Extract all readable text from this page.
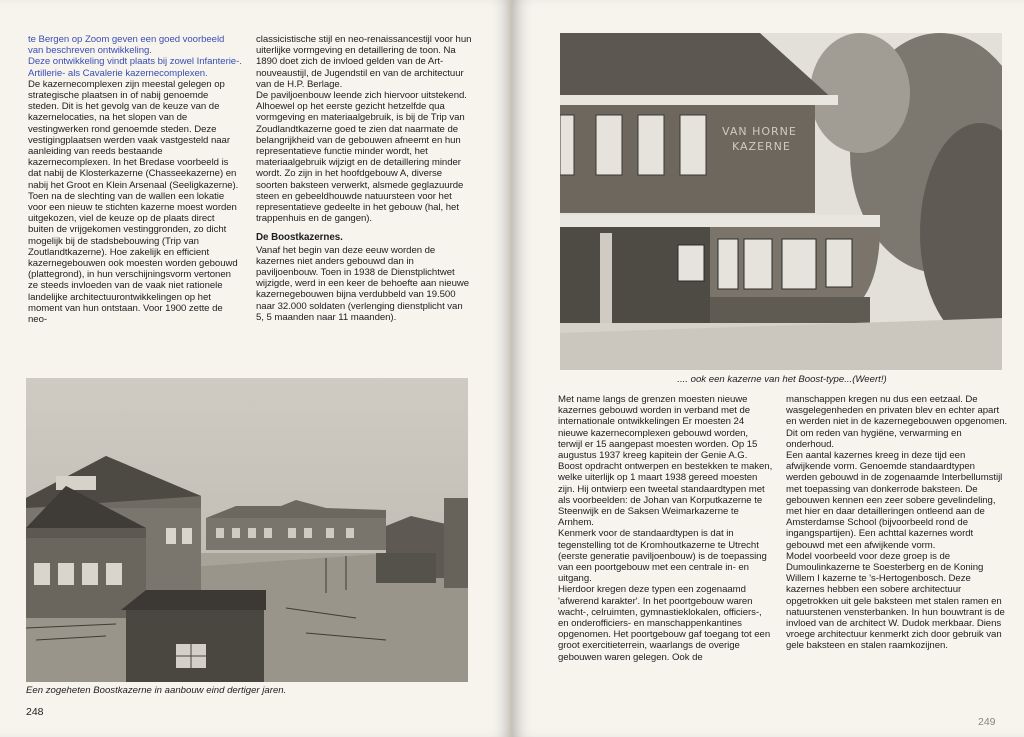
te Bergen op Zoom geven een goed voorbeeld van beschreven ontwikkeling.

Deze ontwikkeling vindt plaats bij zowel Infanterie-. Artillerie- als Cavalerie kazernecomplexen.

De kazernecomplexen zijn meestal gelegen op strategische plaatsen in of nabij genoemde steden. Dit is het gevolg van de keuze van de kazernelocaties, na het slopen van de vestingwerken rond genoemde steden. Deze vestigingplaatsen werden vaak vastgesteld naar aanleiding van reeds bestaande kazernecomplexen. In het Bredase voorbeeld is dat nabij de Klosterkazerne (Chasseekazerne) en nabij het Groot en Klein Arsenaal (Seeligkazerne). Toen na de slechting van de wallen een lokatie voor een nieuw te stichten kazerne moest worden uitgekozen, viel de keuze op de plaats direct buiten de vrijgekomen vestinggronden, zo dicht mogelijk bij de stadsbebouwing (Trip van Zoutlandtkazerne). Hoe zakelijk en efficient kazernegebouwen ook moesten worden gebouwd (plattegrond), in hun verschijningsvorm vertonen ze steeds invloeden van de vaak niet rationele landelijke architectuurontwikkelingen op het moment van hun ontstaan. Voor 1900 zette de neo-

classicistische stijl en neo-renaissancestijl voor hun uiterlijke vormgeving en detaillering de toon. Na 1890 doet zich de invloed gelden van de Art-nouveaustijl, de Jugendstil en van de architectuur van de H.P. Berlage.

De paviljoenbouw leende zich hiervoor uitstekend. Alhoewel op het eerste gezicht hetzelfde qua vormgeving en materiaalgebruik, is bij de Trip van Zoudlandtkazerne goed te zien dat naarmate de belangrijkheid van de gebouwen afneemt en hun representatieve functie minder wordt, het materiaalgebruik wijzigt en de detaillering minder wordt. Zo zijn in het hoofdgebouw A, diverse soorten baksteen verwerkt, alsmede geglazuurde steen en gebeeldhouwde natuursteen voor het representatieve gedeelte in het gebouw (hal, het trappenhuis en de gangen).

De Boostkazernes.

Vanaf het begin van deze eeuw worden de kazernes niet anders gebouwd dan in paviljoenbouw. Toen in 1938 de Dienstplichtwet wijzigde, werd in een keer de behoefte aan nieuwe kazernegebouwen bijna verdubbeld van 19.500 naar 32.000 soldaten (verlenging dienstplicht van 5, 5 maanden naar 11 maanden).

Een zogeheten Boostkazerne in aanbouw eind dertiger jaren.
248
VAN HORNE
KAZERNE
.... ook een kazerne van het Boost-type...(Weert!)

Met name langs de grenzen moesten nieuwe kazernes gebouwd worden in verband met de internationale ontwikkelingen Er moesten 24 nieuwe kazernecomplexen gebouwd worden, terwijl er 15 aangepast moesten worden. Op 15 augustus 1937 kreeg kapitein der Genie A.G. Boost opdracht ontwerpen en bestekken te maken, welke uiterlijk op 1 maart 1938 gereed moesten zijn. Hij ontwierp een tweetal standaardtypen met als voorbeelden: de Johan van Korputkazerne te Steenwijk en de Saksen Weimarkazerne te Arnhem.

Kenmerk voor de standaardtypen is dat in tegenstelling tot de Kromhoutkazerne te Utrecht (eerste generatie paviljoenbouw) is de toepassing van een poortgebouw met een centrale in- en uitgang.

Hierdoor kregen deze typen een zogenaamd 'afwerend karakter'. In het poortgebouw waren wacht-, celruimten, gymnastieklokalen, officiers-, en onderofficiers- en manschappenkantines opgenomen. Het poortgebouw gaf toegang tot een groot exercitieterrein, waarlangs de overige gebouwen waren gelegen. Ook de

manschappen kregen nu dus een eetzaal. De wasgelegenheden en privaten blev en echter apart en werden niet in de kazernegebouwen opgenomen. Dit om reden van hygiëne, verwarming en onderhoud.

Een aantal kazernes kreeg in deze tijd een afwijkende vorm. Genoemde standaardtypen werden gebouwd in de zogenaamde Interbellumstijl met toepassing van donkerrode baksteen. De gebouwen kennen een zeer sobere gevelindeling, met hier en daar detailleringen ontleend aan de Amsterdamse School (bijvoorbeeld rond de ingangspartijen). Een achttal kazernes wordt gebouwd met een afwijkende vorm.

Model voorbeeld voor deze groep is de Dumoulinkazerne te Soesterberg en de Koning Willem I kazerne te 's-Hertogenbosch. Deze kazernes hebben een sobere architectuur opgetrokken uit gele baksteen met stalen ramen en natuurstenen vensterbanken. In hun bouwtrant is de invloed van de architect W. Dudok merkbaar. Diens vroege architectuur kenmerkt zich door gebruik van gele baksteen en stalen raamkozijnen.

249
